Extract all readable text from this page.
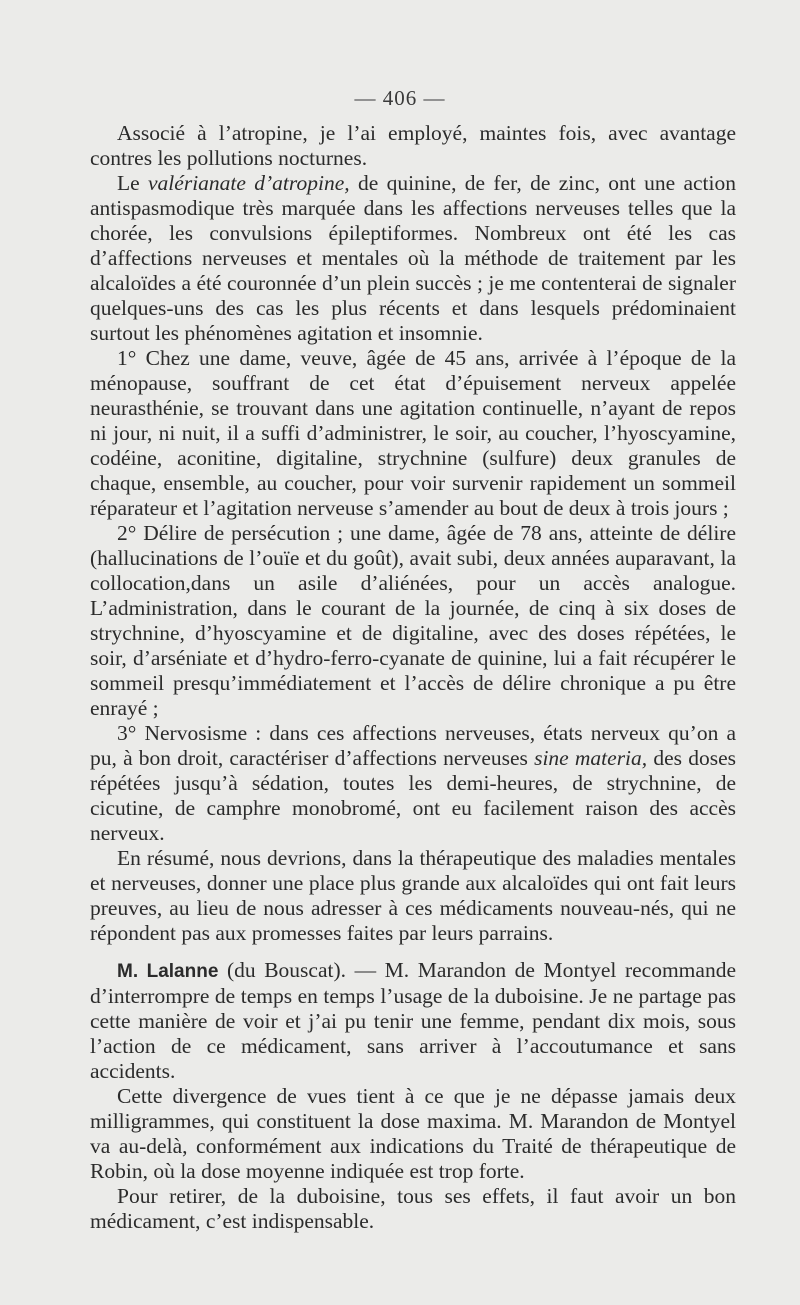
— 406 —

Associé à l’atropine, je l’ai employé, maintes fois, avec avantage contres les pollutions nocturnes.

Le valérianate d’atropine, de quinine, de fer, de zinc, ont une action antispasmodique très marquée dans les affections nerveuses telles que la chorée, les convulsions épileptiformes. Nombreux ont été les cas d’affections nerveuses et mentales où la méthode de traitement par les alcaloïdes a été couronnée d’un plein succès ; je me contenterai de signaler quelques-uns des cas les plus récents et dans lesquels prédominaient surtout les phénomènes agitation et insomnie.

1° Chez une dame, veuve, âgée de 45 ans, arrivée à l’époque de la ménopause, souffrant de cet état d’épuisement nerveux appelée neurasthénie, se trouvant dans une agitation continuelle, n’ayant de repos ni jour, ni nuit, il a suffi d’administrer, le soir, au coucher, l’hyoscyamine, codéine, aconitine, digitaline, strychnine (sulfure) deux granules de chaque, ensemble, au coucher, pour voir survenir rapidement un sommeil réparateur et l’agitation nerveuse s’amender au bout de deux à trois jours ;

2° Délire de persécution ; une dame, âgée de 78 ans, atteinte de délire (hallucinations de l’ouïe et du goût), avait subi, deux années auparavant, la collocation,dans un asile d’aliénées, pour un accès analogue. L’administration, dans le courant de la journée, de cinq à six doses de strychnine, d’hyoscyamine et de digitaline, avec des doses répétées, le soir, d’arséniate et d’hydro-ferro-cyanate de quinine, lui a fait récupérer le sommeil presqu’immédiatement et l’accès de délire chronique a pu être enrayé ;

3° Nervosisme : dans ces affections nerveuses, états nerveux qu’on a pu, à bon droit, caractériser d’affections nerveuses sine materia, des doses répétées jusqu’à sédation, toutes les demi-heures, de strychnine, de cicutine, de camphre monobromé, ont eu facilement raison des accès nerveux.

En résumé, nous devrions, dans la thérapeutique des maladies mentales et nerveuses, donner une place plus grande aux alcaloïdes qui ont fait leurs preuves, au lieu de nous adresser à ces médicaments nouveau-nés, qui ne répondent pas aux promesses faites par leurs parrains.

M. Lalanne (du Bouscat). — M. Marandon de Montyel recommande d’interrompre de temps en temps l’usage de la duboisine. Je ne partage pas cette manière de voir et j’ai pu tenir une femme, pendant dix mois, sous l’action de ce médicament, sans arriver à l’accoutumance et sans accidents.

Cette divergence de vues tient à ce que je ne dépasse jamais deux milligrammes, qui constituent la dose maxima. M. Marandon de Montyel va au-delà, conformément aux indications du Traité de thérapeutique de Robin, où la dose moyenne indiquée est trop forte.

Pour retirer, de la duboisine, tous ses effets, il faut avoir un bon médicament, c’est indispensable.
